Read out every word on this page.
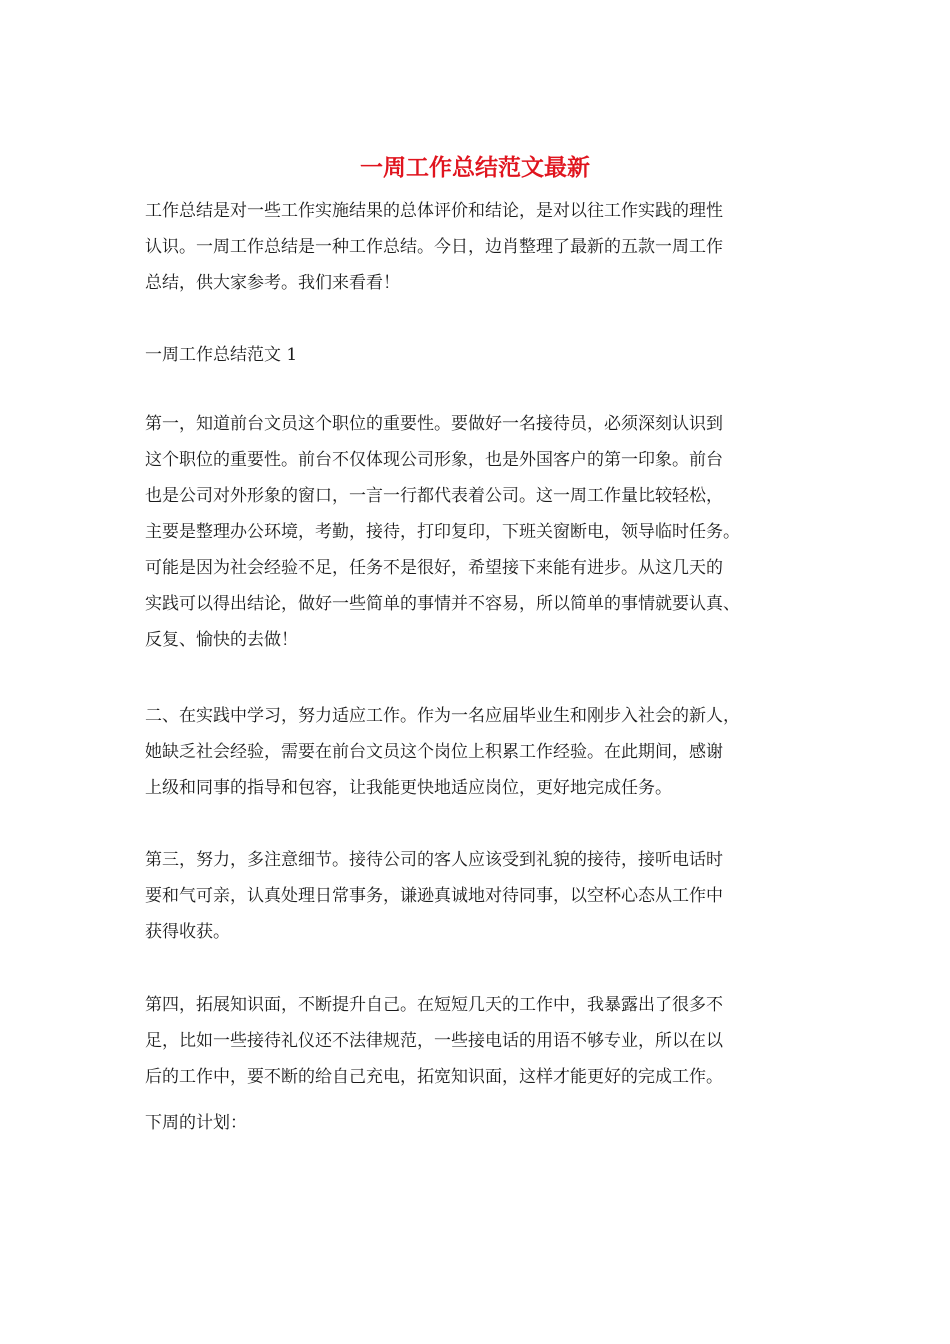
一周工作总结范文最新

工作总结是对一些工作实施结果的总体评价和结论，是对以往工作实践的理性
认识。一周工作总结是一种工作总结。今日，边肖整理了最新的五款一周工作
总结，供大家参考。我们来看看！

一周工作总结范文 1

第一，知道前台文员这个职位的重要性。要做好一名接待员，必须深刻认识到
这个职位的重要性。前台不仅体现公司形象，也是外国客户的第一印象。前台
也是公司对外形象的窗口，一言一行都代表着公司。这一周工作量比较轻松，
主要是整理办公环境，考勤，接待，打印复印，下班关窗断电，领导临时任务。
可能是因为社会经验不足，任务不是很好，希望接下来能有进步。从这几天的
实践可以得出结论，做好一些简单的事情并不容易，所以简单的事情就要认真、
反复、愉快的去做！

二、在实践中学习，努力适应工作。作为一名应届毕业生和刚步入社会的新人，
她缺乏社会经验，需要在前台文员这个岗位上积累工作经验。在此期间，感谢
上级和同事的指导和包容，让我能更快地适应岗位，更好地完成任务。

第三，努力，多注意细节。接待公司的客人应该受到礼貌的接待，接听电话时
要和气可亲，认真处理日常事务，谦逊真诚地对待同事，以空杯心态从工作中
获得收获。

第四，拓展知识面，不断提升自己。在短短几天的工作中，我暴露出了很多不
足，比如一些接待礼仪还不法律规范，一些接电话的用语不够专业，所以在以
后的工作中，要不断的给自己充电，拓宽知识面，这样才能更好的完成工作。

下周的计划：
